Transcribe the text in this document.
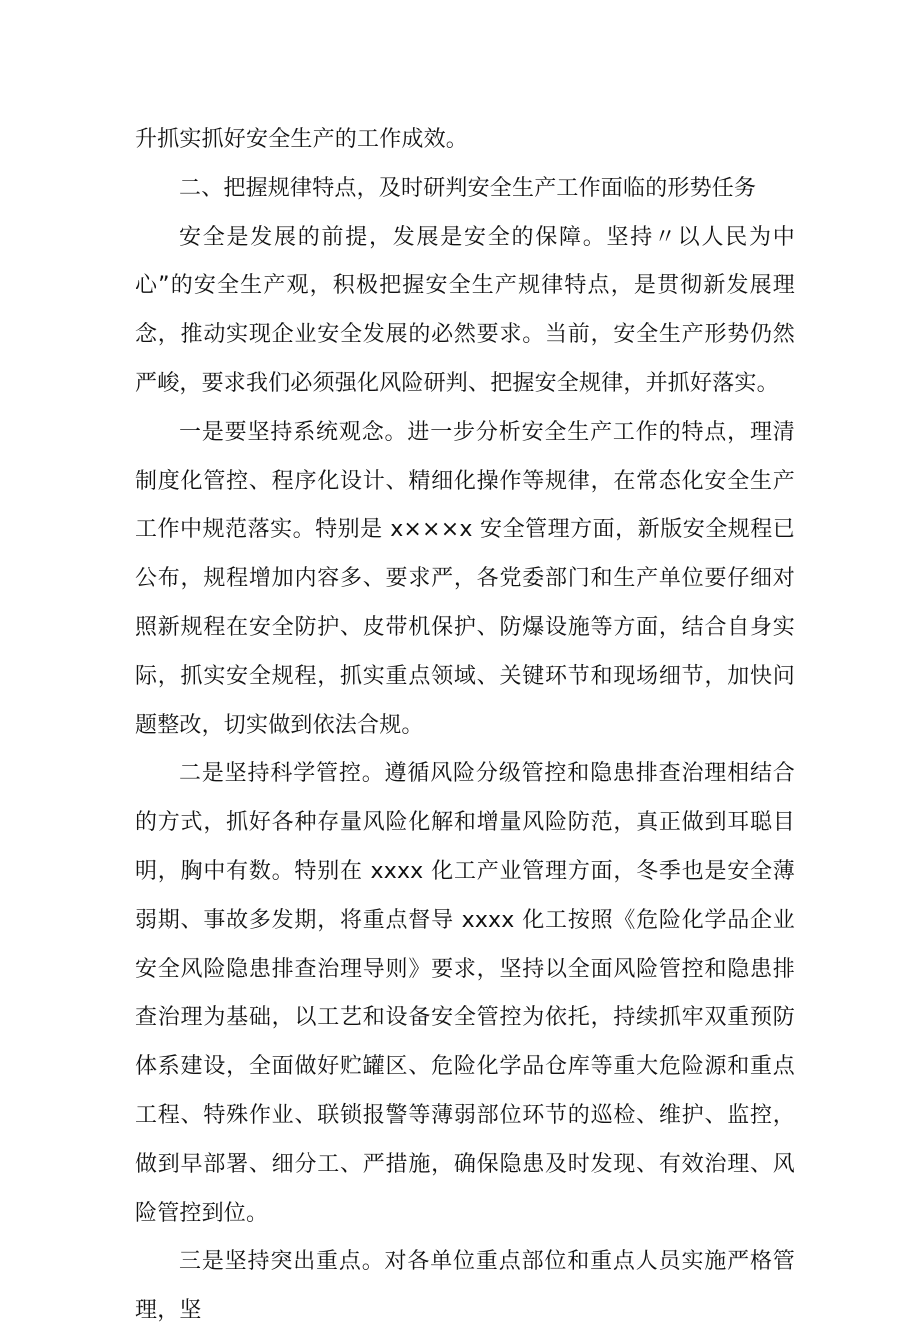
升抓实抓好安全生产的工作成效。

二、把握规律特点，及时研判安全生产工作面临的形势任务

安全是发展的前提，发展是安全的保障。坚持〃以人民为中心”的安全生产观，积极把握安全生产规律特点，是贯彻新发展理念，推动实现企业安全发展的必然要求。当前，安全生产形势仍然严峻，要求我们必须强化风险研判、把握安全规律，并抓好落实。

一是要坚持系统观念。进一步分析安全生产工作的特点，理清制度化管控、程序化设计、精细化操作等规律，在常态化安全生产工作中规范落实。特别是 x×××x 安全管理方面，新版安全规程已公布，规程增加内容多、要求严，各党委部门和生产单位要仔细对照新规程在安全防护、皮带机保护、防爆设施等方面，结合自身实际，抓实安全规程，抓实重点领域、关键环节和现场细节，加快问题整改，切实做到依法合规。

二是坚持科学管控。遵循风险分级管控和隐患排查治理相结合的方式，抓好各种存量风险化解和增量风险防范，真正做到耳聪目明，胸中有数。特别在 xxxx 化工产业管理方面，冬季也是安全薄弱期、事故多发期，将重点督导 xxxx 化工按照《危险化学品企业安全风险隐患排查治理导则》要求，坚持以全面风险管控和隐患排查治理为基础，以工艺和设备安全管控为依托，持续抓牢双重预防体系建设，全面做好贮罐区、危险化学品仓库等重大危险源和重点工程、特殊作业、联锁报警等薄弱部位环节的巡检、维护、监控，做到早部署、细分工、严措施，确保隐患及时发现、有效治理、风险管控到位。

三是坚持突出重点。对各单位重点部位和重点人员实施严格管理，坚
